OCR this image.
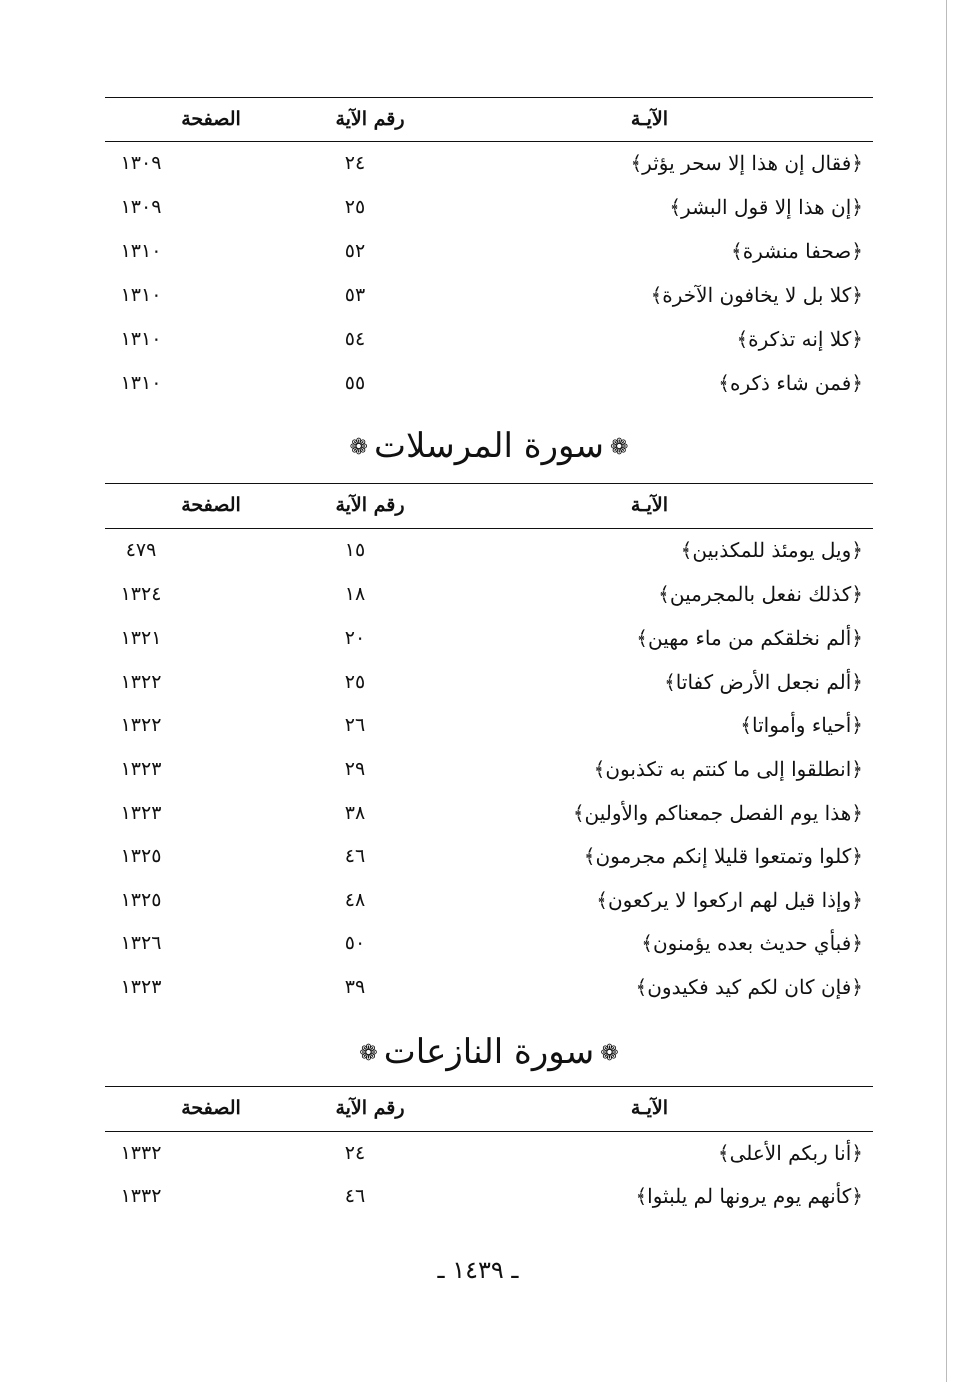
الآيـة
رقم الآية
الصفحة
﴿فقال إن هذا إلا سحر يؤثر﴾
٢٤
١٣٠٩
﴿إن هذا إلا قول البشر﴾
٢٥
١٣٠٩
﴿صحفا منشرة﴾
٥٢
١٣١٠
﴿كلا بل لا يخافون الآخرة﴾
٥٣
١٣١٠
﴿كلا إنه تذكرة﴾
٥٤
١٣١٠
﴿فمن شاء ذكره﴾
٥٥
١٣١٠
❁سورة المرسلات❁
الآيـة
رقم الآية
الصفحة
﴿ويل يومئذ للمكذبين﴾
١٥
٤٧٩
﴿كذلك نفعل بالمجرمين﴾
١٨
١٣٢٤
﴿ألم نخلقكم من ماء مهين﴾
٢٠
١٣٢١
﴿ألم نجعل الأرض كفاتا﴾
٢٥
١٣٢٢
﴿أحياء وأمواتا﴾
٢٦
١٣٢٢
﴿انطلقوا إلى ما كنتم به تكذبون﴾
٢٩
١٣٢٣
﴿هذا يوم الفصل جمعناكم والأولين﴾
٣٨
١٣٢٣
﴿كلوا وتمتعوا قليلا إنكم مجرمون﴾
٤٦
١٣٢٥
﴿وإذا قيل لهم اركعوا لا يركعون﴾
٤٨
١٣٢٥
﴿فبأي حديث بعده يؤمنون﴾
٥٠
١٣٢٦
﴿فإن كان لكم كيد فكيدون﴾
٣٩
١٣٢٣
❁سورة النازعات❁
الآيـة
رقم الآية
الصفحة
﴿أنا ربكم الأعلى﴾
٢٤
١٣٣٢
﴿كأنهم يوم يرونها لم يلبثوا﴾
٤٦
١٣٣٢
ـ ١٤٣٩ ـ
